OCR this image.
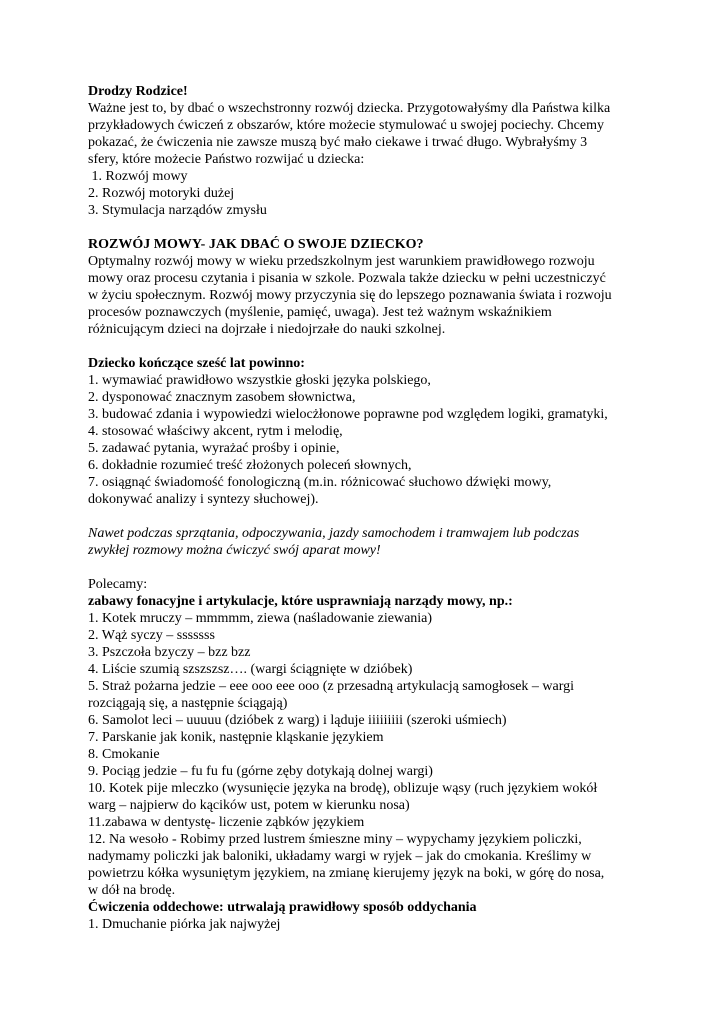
Drodzy Rodzice!
Ważne jest to, by dbać o wszechstronny rozwój dziecka. Przygotowałyśmy dla Państwa kilka
przykładowych ćwiczeń z obszarów, które możecie stymulować u swojej pociechy. Chcemy
pokazać, że ćwiczenia nie zawsze muszą być mało ciekawe i trwać długo. Wybrałyśmy 3
sfery, które możecie Państwo rozwijać u dziecka:
1. Rozwój mowy
2. Rozwój motoryki dużej
3. Stymulacja narządów zmysłu
ROZWÓJ MOWY- JAK DBAĆ O SWOJE DZIECKO?
Optymalny rozwój mowy w wieku przedszkolnym jest warunkiem prawidłowego rozwoju
mowy oraz procesu czytania i pisania w szkole. Pozwala także dziecku w pełni uczestniczyć
w życiu społecznym. Rozwój mowy przyczynia się do lepszego poznawania świata i rozwoju
procesów poznawczych (myślenie, pamięć, uwaga). Jest też ważnym wskaźnikiem
różnicującym dzieci na dojrzałe i niedojrzałe do nauki szkolnej.
Dziecko kończące sześć lat powinno:
1. wymawiać prawidłowo wszystkie głoski języka polskiego,
2. dysponować znacznym zasobem słownictwa,
3. budować zdania i wypowiedzi wielocżłonowe poprawne pod względem logiki, gramatyki,
4. stosować właściwy akcent, rytm i melodię,
5. zadawać pytania, wyrażać prośby i opinie,
6. dokładnie rozumieć treść złożonych poleceń słownych,
7. osiągnąć świadomość fonologiczną (m.in. różnicować słuchowo dźwięki mowy,
dokonywać analizy i syntezy słuchowej).
Nawet podczas sprzątania, odpoczywania, jazdy samochodem i tramwajem lub podczas
zwykłej rozmowy można ćwiczyć swój aparat mowy!
Polecamy:
zabawy fonacyjne i artykulacje, które usprawniają narządy mowy, np.:
1. Kotek mruczy – mmmmm, ziewa (naśladowanie ziewania)
2. Wąż syczy – sssssss
3. Pszczoła bzyczy – bzz bzz
4. Liście szumią szszszsz…. (wargi ściągnięte w dzióbek)
5. Straż pożarna jedzie – eee ooo eee ooo (z przesadną artykulacją samogłosek – wargi
rozciągają się, a następnie ściągają)
6. Samolot leci – uuuuu (dzióbek z warg) i ląduje iiiiiiiii (szeroki uśmiech)
7. Parskanie jak konik, następnie kląskanie językiem
8. Cmokanie
9. Pociąg jedzie – fu fu fu (górne zęby dotykają dolnej wargi)
10. Kotek pije mleczko (wysunięcie języka na brodę), oblizuje wąsy (ruch językiem wokół
warg – najpierw do kącików ust, potem w kierunku nosa)
11.zabawa w dentystę- liczenie ząbków językiem
12. Na wesoło - Robimy przed lustrem śmieszne miny – wypychamy językiem policzki,
nadymamy policzki jak baloniki, układamy wargi w ryjek – jak do cmokania. Kreślimy w
powietrzu kółka wysuniętym językiem, na zmianę kierujemy język na boki, w górę do nosa,
w dół na brodę.
Ćwiczenia oddechowe: utrwalają prawidłowy sposób oddychania
1. Dmuchanie piórka jak najwyżej
